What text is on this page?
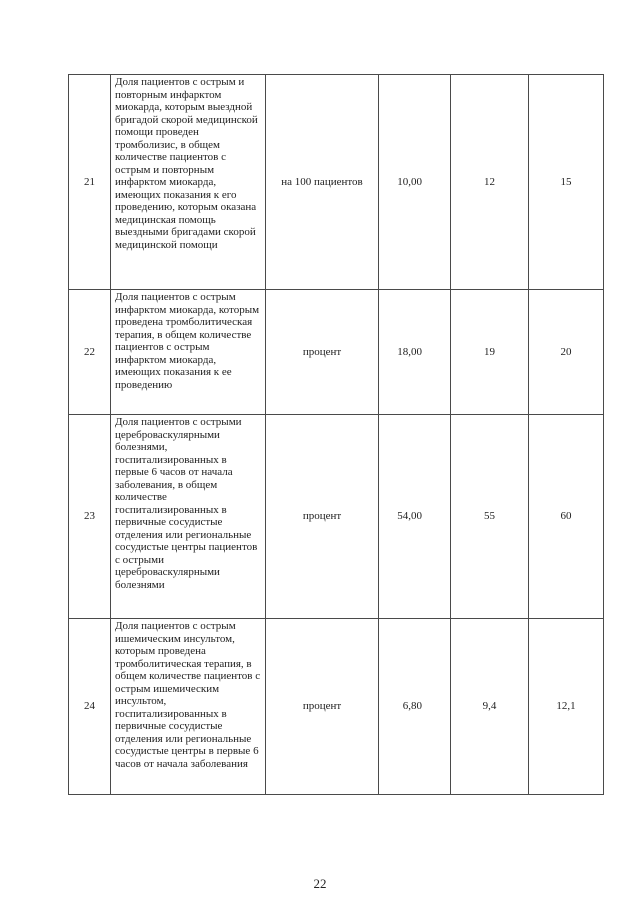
21	Доля пациентов с острым и повторным инфарктом миокарда, которым выездной бригадой скорой медицинской помощи проведен тромболизис, в общем количестве пациентов с острым и повторным инфарктом миокарда, имеющих показания к его проведению, которым оказана медицинская помощь выездными бригадами скорой медицинской помощи	на 100 пациентов	10,00	12	15
22	Доля пациентов с острым инфарктом миокарда, которым проведена тромболитическая терапия, в общем количестве пациентов с острым инфарктом миокарда, имеющих показания к ее проведению	процент	18,00	19	20
23	Доля пациентов с острыми цереброваскулярными болезнями, госпитализированных в первые 6 часов от начала заболевания, в общем количестве госпитализированных в первичные сосудистые отделения или региональные сосудистые центры пациентов с острыми цереброваскулярными болезнями	процент	54,00	55	60
24	Доля пациентов с острым ишемическим инсультом, которым проведена тромболитическая терапия, в общем количестве пациентов с острым ишемическим инсультом, госпитализированных в первичные сосудистые отделения или региональные сосудистые центры в первые 6 часов от начала заболевания	процент	6,80	9,4	12,1
22
